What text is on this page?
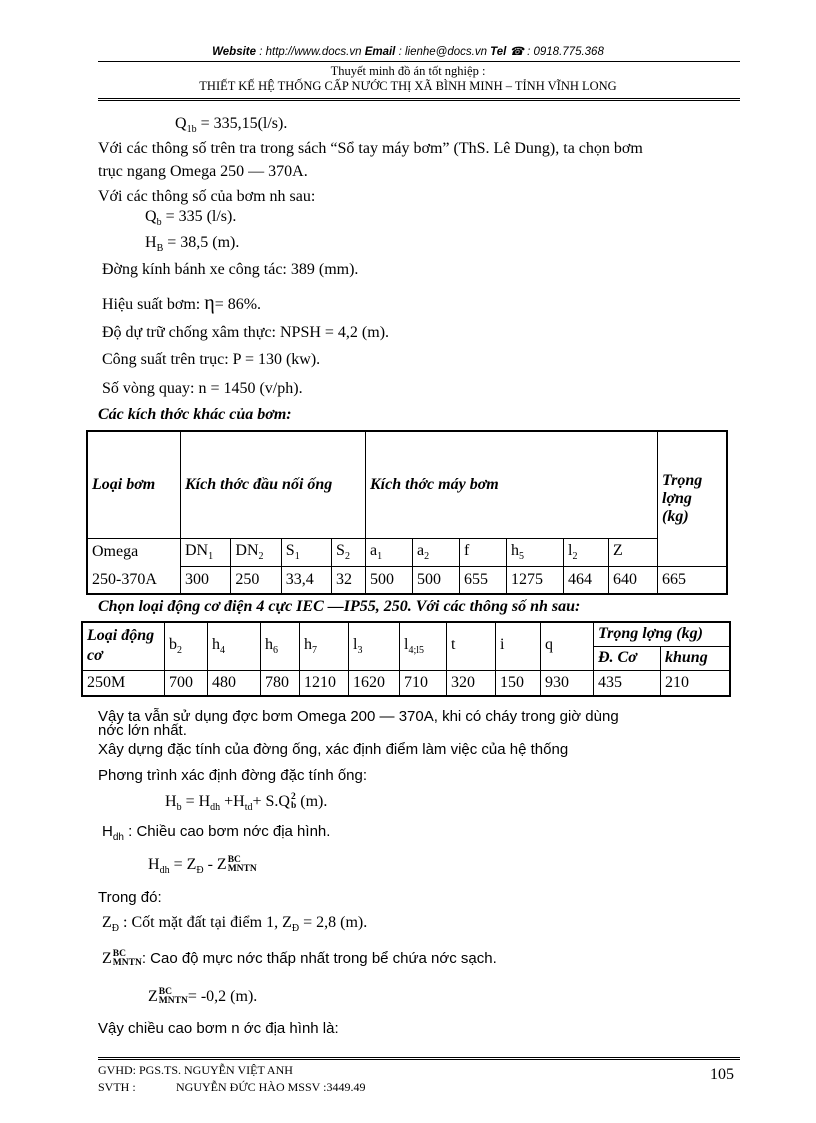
Website : http://www.docs.vn Email : lienhe@docs.vn Tel ☎ : 0918.775.368
Thuyết minh đồ án tốt nghiệp :
THIẾT KẾ HỆ THỐNG CẤP NƯỚC THỊ XÃ BÌNH MINH – TỈNH VĨNH LONG
$Q_{1b} = 335,15(l/s)$.
Với các thông số trên tra trong sách “Sổ tay máy bơm” (ThS. Lê Dung), ta chọn bơm
trục ngang Omega 250 — 370A.
Với các thông số của bơm nh sau:
$Q_b = 335$ (l/s).
$H_B = 38,5$ (m).
Đờng kính bánh xe công tác: 389 (mm).
Hiệu suất bơm: η= 86%.
Độ dự trữ chống xâm thực: NPSH = 4,2 (m).
Công suất trên trục: P = 130 (kw).
Số vòng quay: n = 1450 (v/ph).
Các kích thớc khác của bơm:
Loại bơm	Kích thớc đầu nối ống				Kích thớc máy bơm						Trọng lợng (kg)
Omega	$DN_1$	$DN_2$	$S_1$	$S_2$	$a_1$	$a_2$	f	$h_5$	$l_2$	Z	
250-370A	300	250	33,4	32	500	500	655	1275	464	640	665
Chọn loại động cơ điện 4 cực IEC —IP55, 250. Với các thông số nh sau:
Loại động cơ	$b_2$	$h_4$	$h_6$	$h_7$	$l_3$	$l_{4;l5}$	t	i	q	Trọng lợng (kg)	
										Đ. Cơ	khung
250M	700	480	780	1210	1620	710	320	150	930	435	210
Vậy ta vẫn sử dụng đợc bơm Omega 200 — 370A, khi có cháy trong giờ dùng
nớc lớn nhất.
Xây dựng đặc tính của đờng ống, xác định điểm làm việc của hệ thống
Phơng trình xác định đờng đặc tính ống:
$H_b = H_{dh} +H_{td}+ S.Q2$
b (m).
$H_{dh}$ : Chiều cao bơm nớc địa hình.
$H_{dh} = Z_Đ$ - ZBC
MNTN
Trong đó:
$Z_Đ$ : Cốt mặt đất tại điểm 1, $Z_Đ = 2,8$ (m).
ZBC
MNTN: Cao độ mực nớc thấp nhất trong bể chứa nớc sạch.
ZBC
MNTN= -0,2 (m).
Vậy chiều cao bơm n ớc địa hình là:
GVHD: PGS.TS. NGUYỄN VIỆT ANH
SVTH :	NGUYỄN ĐỨC HÀO MSSV :3449.49
105
